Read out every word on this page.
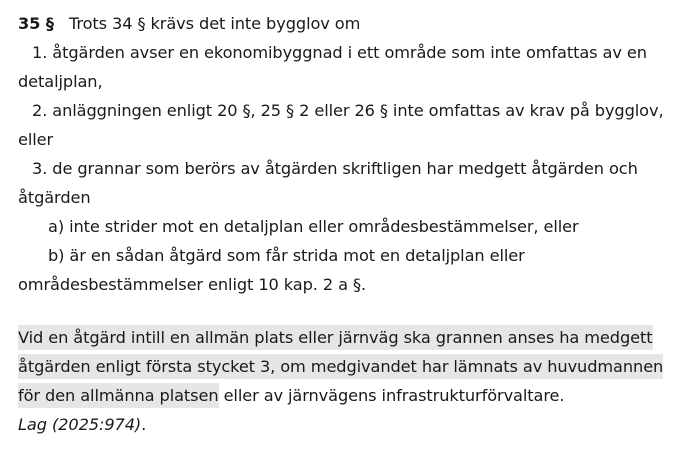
35 § Trots 34 § krävs det inte bygglov om
1. åtgärden avser en ekonomibyggnad i ett område som inte omfattas av en
detaljplan,
2. anläggningen enligt 20 §, 25 § 2 eller 26 § inte omfattas av krav på bygglov,
eller
3. de grannar som berörs av åtgärden skriftligen har medgett åtgärden och
åtgärden
a) inte strider mot en detaljplan eller områdesbestämmelser, eller
b) är en sådan åtgärd som får strida mot en detaljplan eller
områdesbestämmelser enligt 10 kap. 2 a §.
Vid en åtgärd intill en allmän plats eller järnväg ska grannen anses ha medgett
åtgärden enligt första stycket 3, om medgivandet har lämnats av huvudmannen
för den allmänna platsen eller av järnvägens infrastrukturförvaltare.
Lag (2025:974).
